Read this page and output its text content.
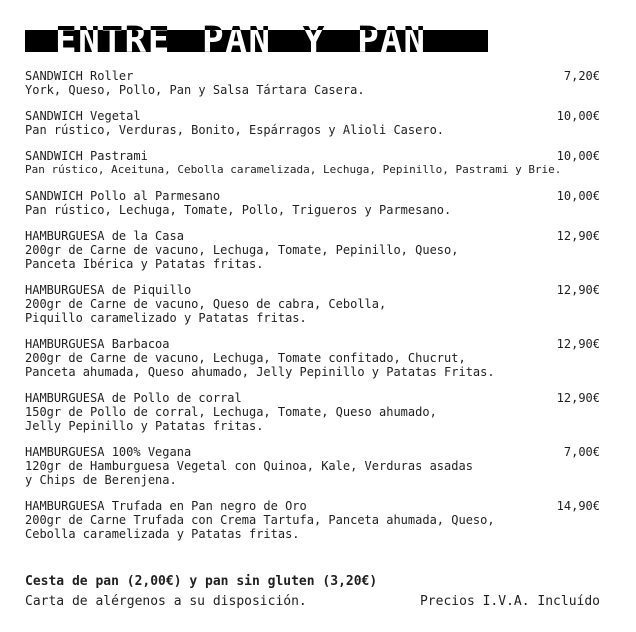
ENTRE PAN Y PAN
SANDWICH Roller	7,20€
York, Queso, Pollo, Pan y Salsa Tártara Casera.
SANDWICH Vegetal	10,00€
Pan rústico, Verduras, Bonito, Espárragos y Alioli Casero.
SANDWICH Pastrami	10,00€
Pan rústico, Aceituna, Cebolla caramelizada, Lechuga, Pepinillo, Pastrami y Brie.
SANDWICH Pollo al Parmesano	10,00€
Pan rústico, Lechuga, Tomate, Pollo, Trigueros y Parmesano.
HAMBURGUESA de la Casa	12,90€
200gr de Carne de vacuno, Lechuga, Tomate, Pepinillo, Queso,
Panceta Ibérica y Patatas fritas.
HAMBURGUESA de Piquillo	12,90€
200gr de Carne de vacuno, Queso de cabra, Cebolla,
Piquillo caramelizado y Patatas fritas.
HAMBURGUESA Barbacoa	12,90€
200gr de Carne de vacuno, Lechuga, Tomate confitado, Chucrut,
Panceta ahumada, Queso ahumado, Jelly Pepinillo y Patatas Fritas.
HAMBURGUESA de Pollo de corral	12,90€
150gr de Pollo de corral, Lechuga, Tomate, Queso ahumado,
Jelly Pepinillo y Patatas fritas.
HAMBURGUESA 100% Vegana	7,00€
120gr de Hamburguesa Vegetal con Quinoa, Kale, Verduras asadas
y Chips de Berenjena.
HAMBURGUESA Trufada en Pan negro de Oro	14,90€
200gr de Carne Trufada con Crema Tartufa, Panceta ahumada, Queso,
Cebolla caramelizada y Patatas fritas.
Cesta de pan (2,00€) y pan sin gluten (3,20€)
Carta de alérgenos a su disposición.	Precios I.V.A. Incluído
